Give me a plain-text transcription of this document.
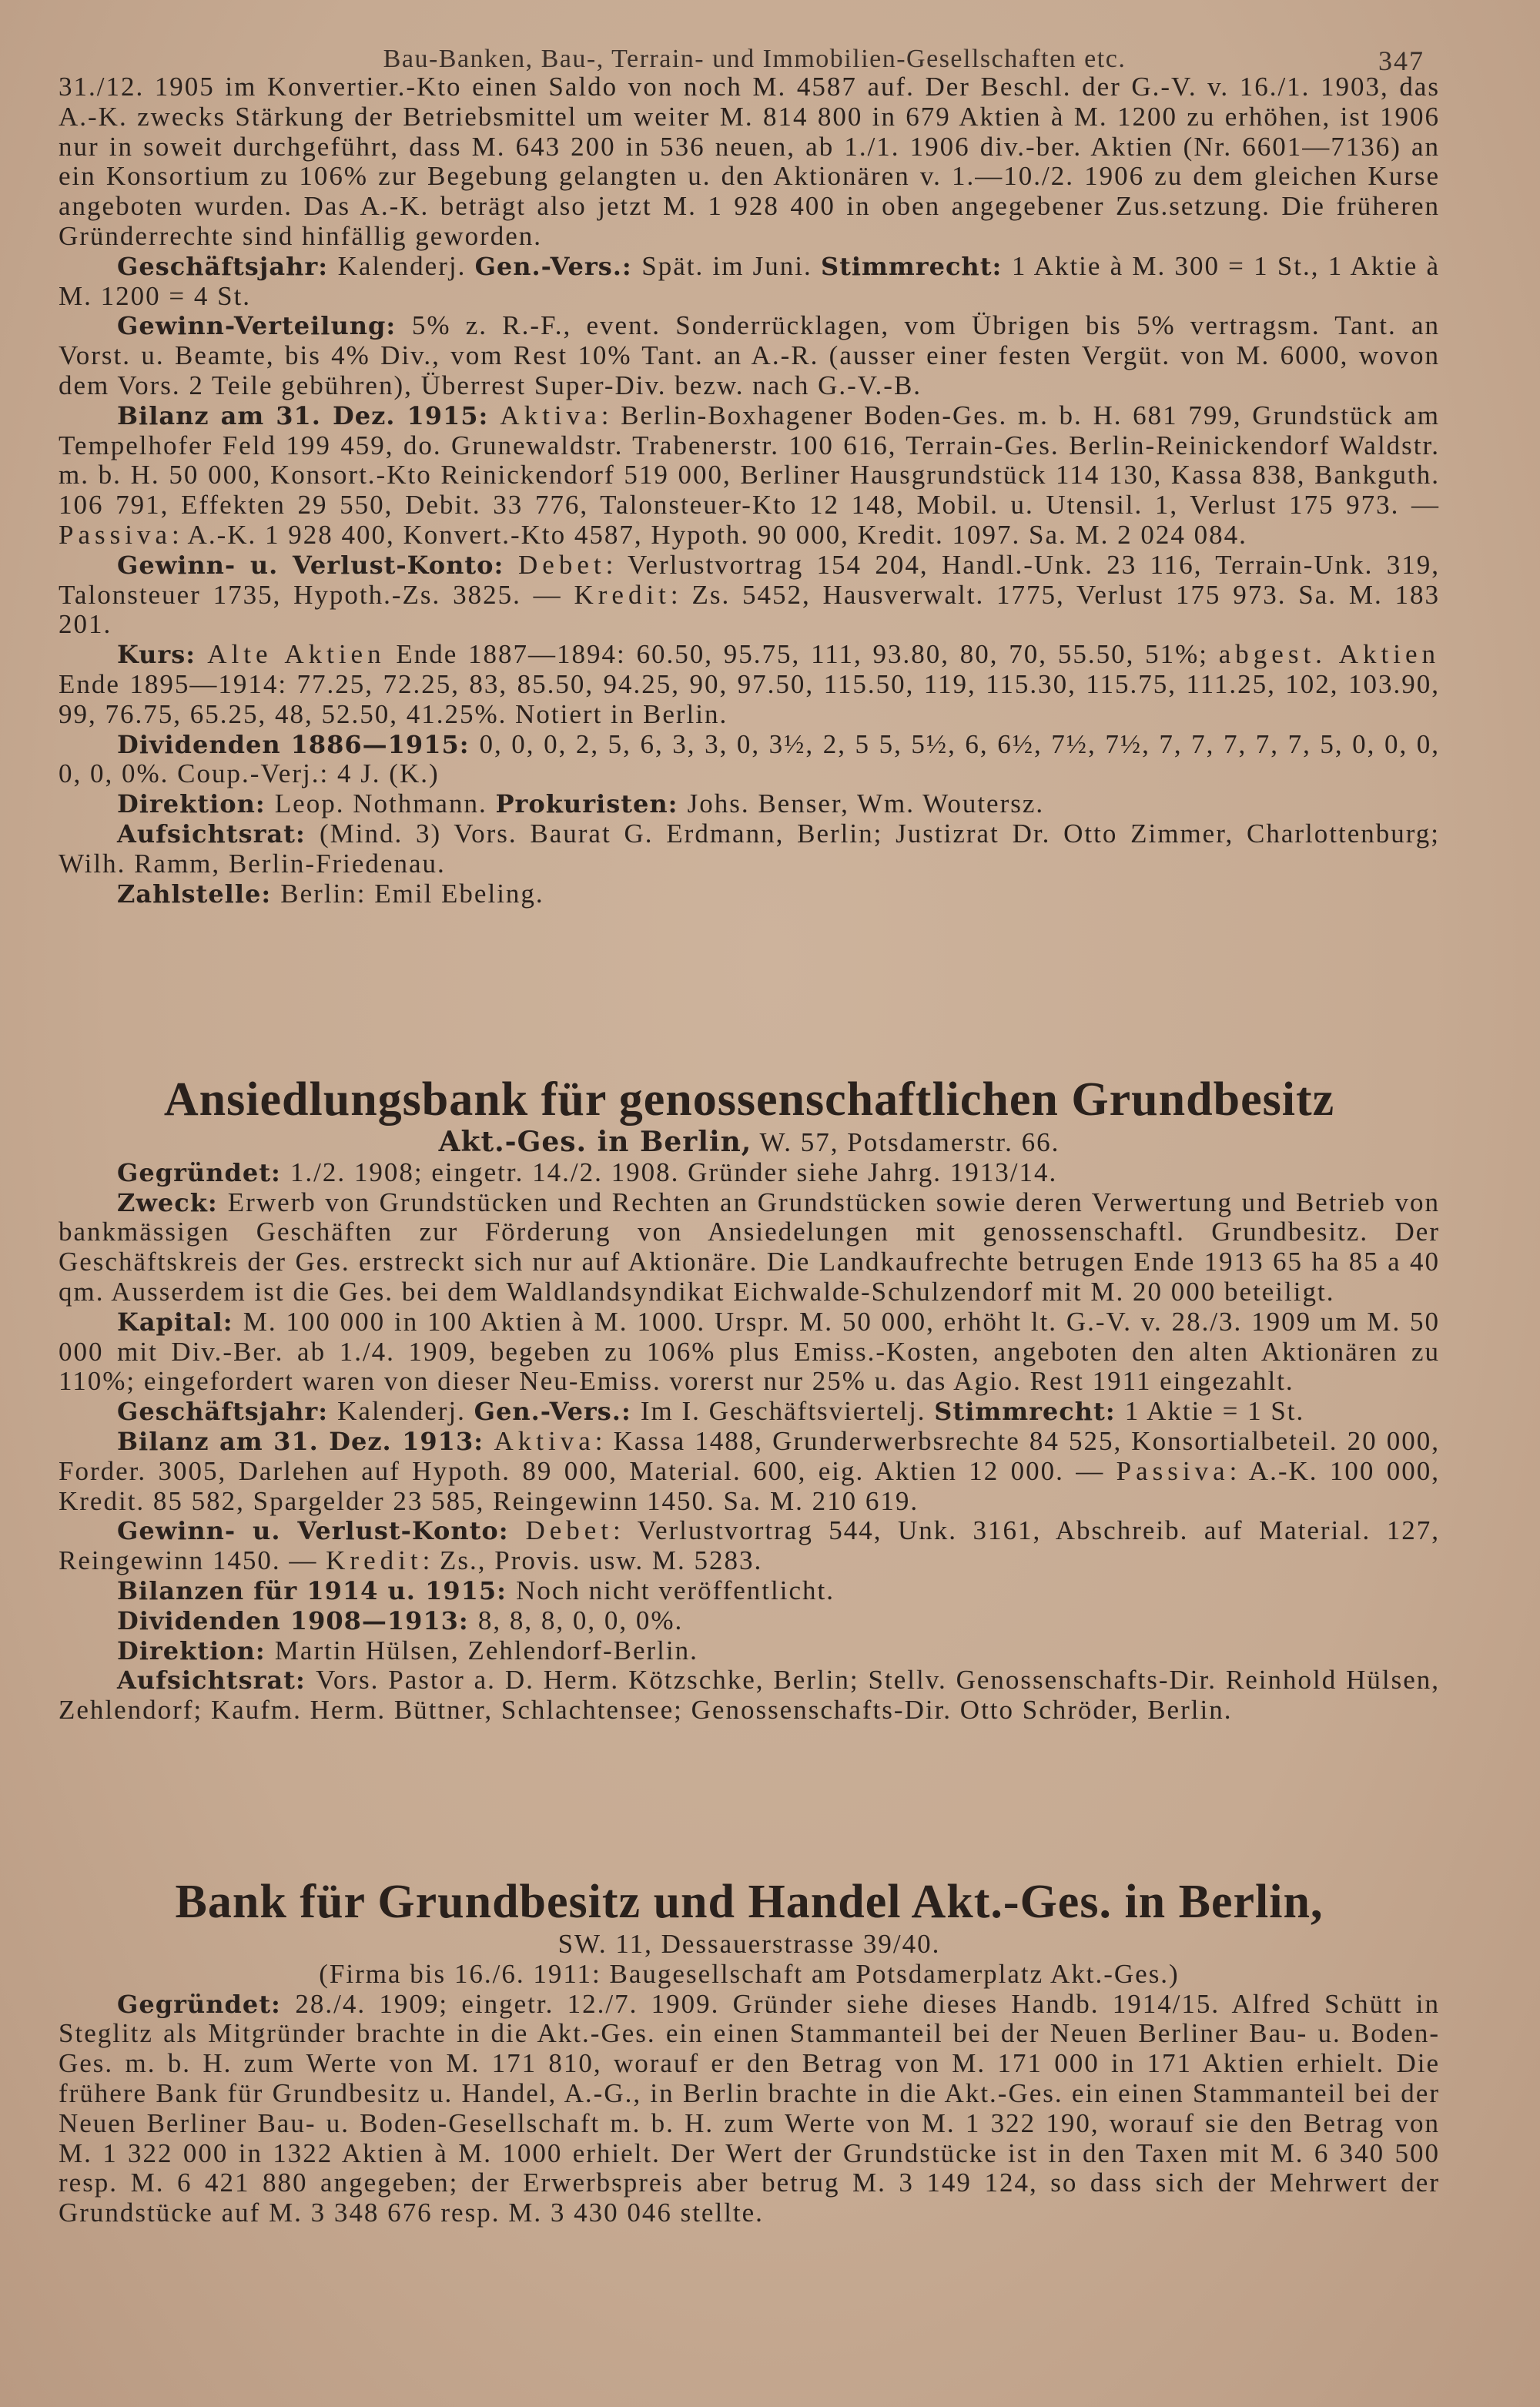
Bau-Banken, Bau-, Terrain- und Immobilien-Gesellschaften etc.	347

31./12. 1905 im Konvertier.-Kto einen Saldo von noch M. 4587 auf. Der Beschl. der G.-V. v. 16./1. 1903, das A.-K. zwecks Stärkung der Betriebsmittel um weiter M. 814 800 in 679 Aktien à M. 1200 zu erhöhen, ist 1906 nur in soweit durchgeführt, dass M. 643 200 in 536 neuen, ab 1./1. 1906 div.-ber. Aktien (Nr. 6601—7136) an ein Konsortium zu 106% zur Begebung gelangten u. den Aktionären v. 1.—10./2. 1906 zu dem gleichen Kurse angeboten wurden. Das A.-K. beträgt also jetzt M. 1 928 400 in oben angegebener Zus.setzung. Die früheren Gründerrechte sind hinfällig geworden.

Geschäftsjahr: Kalenderj. Gen.-Vers.: Spät. im Juni. Stimmrecht: 1 Aktie à M. 300 = 1 St., 1 Aktie à M. 1200 = 4 St.

Gewinn-Verteilung: 5% z. R.-F., event. Sonderrücklagen, vom Übrigen bis 5% vertragsm. Tant. an Vorst. u. Beamte, bis 4% Div., vom Rest 10% Tant. an A.-R. (ausser einer festen Vergüt. von M. 6000, wovon dem Vors. 2 Teile gebühren), Überrest Super-Div. bezw. nach G.-V.-B.

Bilanz am 31. Dez. 1915: Aktiva: Berlin-Boxhagener Boden-Ges. m. b. H. 681 799, Grundstück am Tempelhofer Feld 199 459, do. Grunewaldstr. Trabenerstr. 100 616, Terrain-Ges. Berlin-Reinickendorf Waldstr. m. b. H. 50 000, Konsort.-Kto Reinickendorf 519 000, Berliner Hausgrundstück 114 130, Kassa 838, Bankguth. 106 791, Effekten 29 550, Debit. 33 776, Talonsteuer-Kto 12 148, Mobil. u. Utensil. 1, Verlust 175 973. — Passiva: A.-K. 1 928 400, Konvert.-Kto 4587, Hypoth. 90 000, Kredit. 1097. Sa. M. 2 024 084.

Gewinn- u. Verlust-Konto: Debet: Verlustvortrag 154 204, Handl.-Unk. 23 116, Terrain-Unk. 319, Talonsteuer 1735, Hypoth.-Zs. 3825. — Kredit: Zs. 5452, Hausverwalt. 1775, Verlust 175 973. Sa. M. 183 201.

Kurs: Alte Aktien Ende 1887—1894: 60.50, 95.75, 111, 93.80, 80, 70, 55.50, 51%; abgest. Aktien Ende 1895—1914: 77.25, 72.25, 83, 85.50, 94.25, 90, 97.50, 115.50, 119, 115.30, 115.75, 111.25, 102, 103.90, 99, 76.75, 65.25, 48, 52.50, 41.25%. Notiert in Berlin.

Dividenden 1886—1915: 0, 0, 0, 2, 5, 6, 3, 3, 0, 3½, 2, 5 5, 5½, 6, 6½, 7½, 7½, 7, 7, 7, 7, 7, 5, 0, 0, 0, 0, 0, 0%. Coup.-Verj.: 4 J. (K.)

Direktion: Leop. Nothmann. Prokuristen: Johs. Benser, Wm. Woutersz.

Aufsichtsrat: (Mind. 3) Vors. Baurat G. Erdmann, Berlin; Justizrat Dr. Otto Zimmer, Charlottenburg; Wilh. Ramm, Berlin-Friedenau.

Zahlstelle: Berlin: Emil Ebeling.

Ansiedlungsbank für genossenschaftlichen Grundbesitz

Akt.-Ges. in Berlin, W. 57, Potsdamerstr. 66.

Gegründet: 1./2. 1908; eingetr. 14./2. 1908. Gründer siehe Jahrg. 1913/14.

Zweck: Erwerb von Grundstücken und Rechten an Grundstücken sowie deren Verwertung und Betrieb von bankmässigen Geschäften zur Förderung von Ansiedelungen mit genossenschaftl. Grundbesitz. Der Geschäftskreis der Ges. erstreckt sich nur auf Aktionäre. Die Landkaufrechte betrugen Ende 1913 65 ha 85 a 40 qm. Ausserdem ist die Ges. bei dem Waldlandsyndikat Eichwalde-Schulzendorf mit M. 20 000 beteiligt.

Kapital: M. 100 000 in 100 Aktien à M. 1000. Urspr. M. 50 000, erhöht lt. G.-V. v. 28./3. 1909 um M. 50 000 mit Div.-Ber. ab 1./4. 1909, begeben zu 106% plus Emiss.-Kosten, angeboten den alten Aktionären zu 110%; eingefordert waren von dieser Neu-Emiss. vorerst nur 25% u. das Agio. Rest 1911 eingezahlt.

Geschäftsjahr: Kalenderj. Gen.-Vers.: Im I. Geschäftsviertelj. Stimmrecht: 1 Aktie = 1 St.

Bilanz am 31. Dez. 1913: Aktiva: Kassa 1488, Grunderwerbsrechte 84 525, Konsortialbeteil. 20 000, Forder. 3005, Darlehen auf Hypoth. 89 000, Material. 600, eig. Aktien 12 000. — Passiva: A.-K. 100 000, Kredit. 85 582, Spargelder 23 585, Reingewinn 1450. Sa. M. 210 619.

Gewinn- u. Verlust-Konto: Debet: Verlustvortrag 544, Unk. 3161, Abschreib. auf Material. 127, Reingewinn 1450. — Kredit: Zs., Provis. usw. M. 5283.

Bilanzen für 1914 u. 1915: Noch nicht veröffentlicht.

Dividenden 1908—1913: 8, 8, 8, 0, 0, 0%.

Direktion: Martin Hülsen, Zehlendorf-Berlin.

Aufsichtsrat: Vors. Pastor a. D. Herm. Kötzschke, Berlin; Stellv. Genossenschafts-Dir. Reinhold Hülsen, Zehlendorf; Kaufm. Herm. Büttner, Schlachtensee; Genossenschafts-Dir. Otto Schröder, Berlin.

Bank für Grundbesitz und Handel Akt.-Ges. in Berlin,

SW. 11, Dessauerstrasse 39/40.

(Firma bis 16./6. 1911: Baugesellschaft am Potsdamerplatz Akt.-Ges.)

Gegründet: 28./4. 1909; eingetr. 12./7. 1909. Gründer siehe dieses Handb. 1914/15. Alfred Schütt in Steglitz als Mitgründer brachte in die Akt.-Ges. ein einen Stammanteil bei der Neuen Berliner Bau- u. Boden-Ges. m. b. H. zum Werte von M. 171 810, worauf er den Betrag von M. 171 000 in 171 Aktien erhielt. Die frühere Bank für Grundbesitz u. Handel, A.-G., in Berlin brachte in die Akt.-Ges. ein einen Stammanteil bei der Neuen Berliner Bau- u. Boden-Gesellschaft m. b. H. zum Werte von M. 1 322 190, worauf sie den Betrag von M. 1 322 000 in 1322 Aktien à M. 1000 erhielt. Der Wert der Grundstücke ist in den Taxen mit M. 6 340 500 resp. M. 6 421 880 angegeben; der Erwerbspreis aber betrug M. 3 149 124, so dass sich der Mehrwert der Grundstücke auf M. 3 348 676 resp. M. 3 430 046 stellte.
